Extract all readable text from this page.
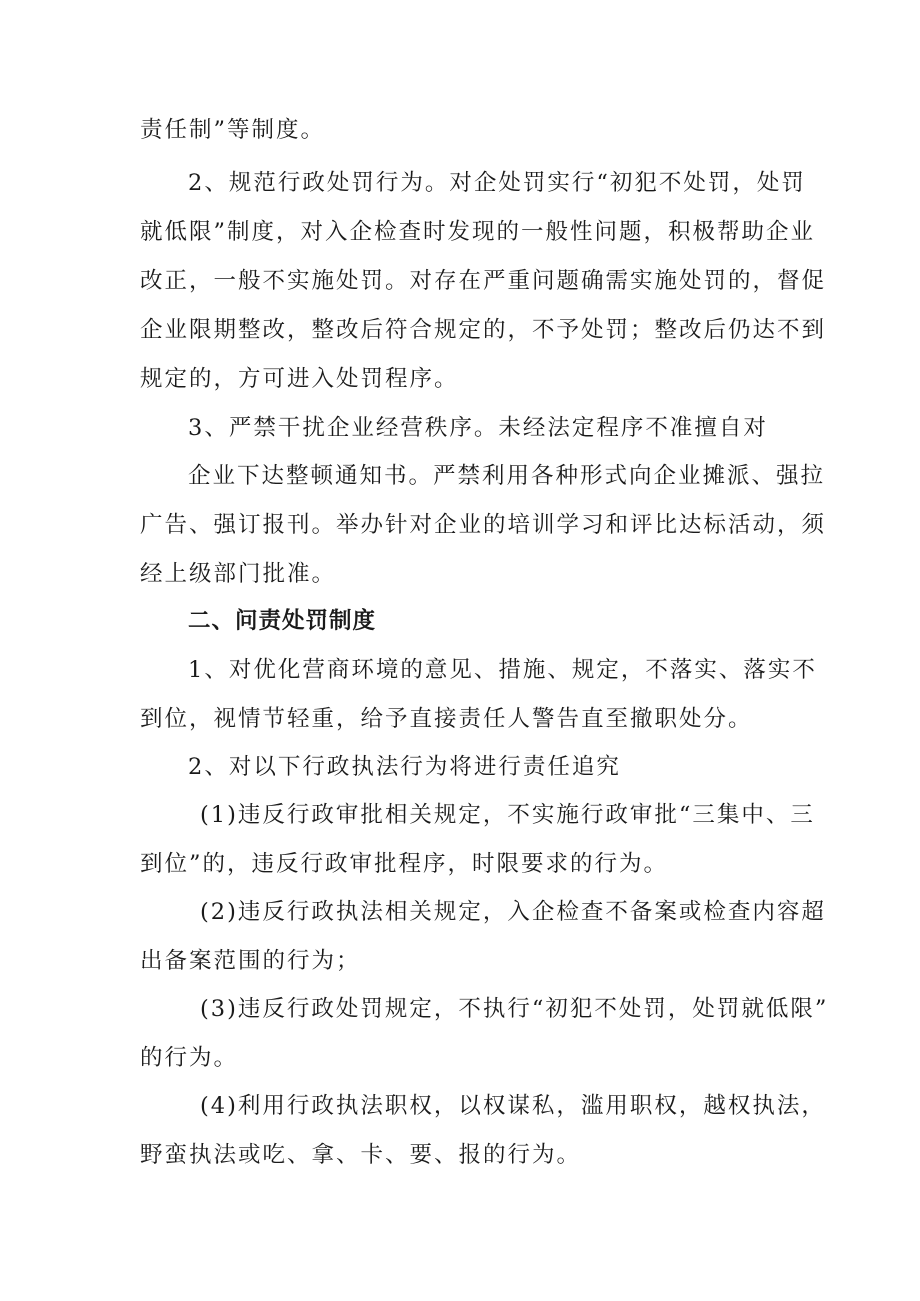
责任制”等制度。
2、规范行政处罚行为。对企处罚实行“初犯不处罚，处罚
就低限”制度，对入企检查时发现的一般性问题，积极帮助企业
改正，一般不实施处罚。对存在严重问题确需实施处罚的，督促
企业限期整改，整改后符合规定的，不予处罚；整改后仍达不到
规定的，方可进入处罚程序。
3、严禁干扰企业经营秩序。未经法定程序不准擅自对
企业下达整顿通知书。严禁利用各种形式向企业摊派、强拉
广告、强订报刊。举办针对企业的培训学习和评比达标活动，须
经上级部门批准。
二、问责处罚制度
1、对优化营商环境的意见、措施、规定，不落实、落实不
到位，视情节轻重，给予直接责任人警告直至撤职处分。
2、对以下行政执法行为将进行责任追究
(1)违反行政审批相关规定，不实施行政审批“三集中、三
到位”的，违反行政审批程序，时限要求的行为。
(2)违反行政执法相关规定，入企检查不备案或检查内容超
出备案范围的行为；
(3)违反行政处罚规定，不执行“初犯不处罚，处罚就低限”
的行为。
(4)利用行政执法职权，以权谋私，滥用职权，越权执法，
野蛮执法或吃、拿、卡、要、报的行为。
